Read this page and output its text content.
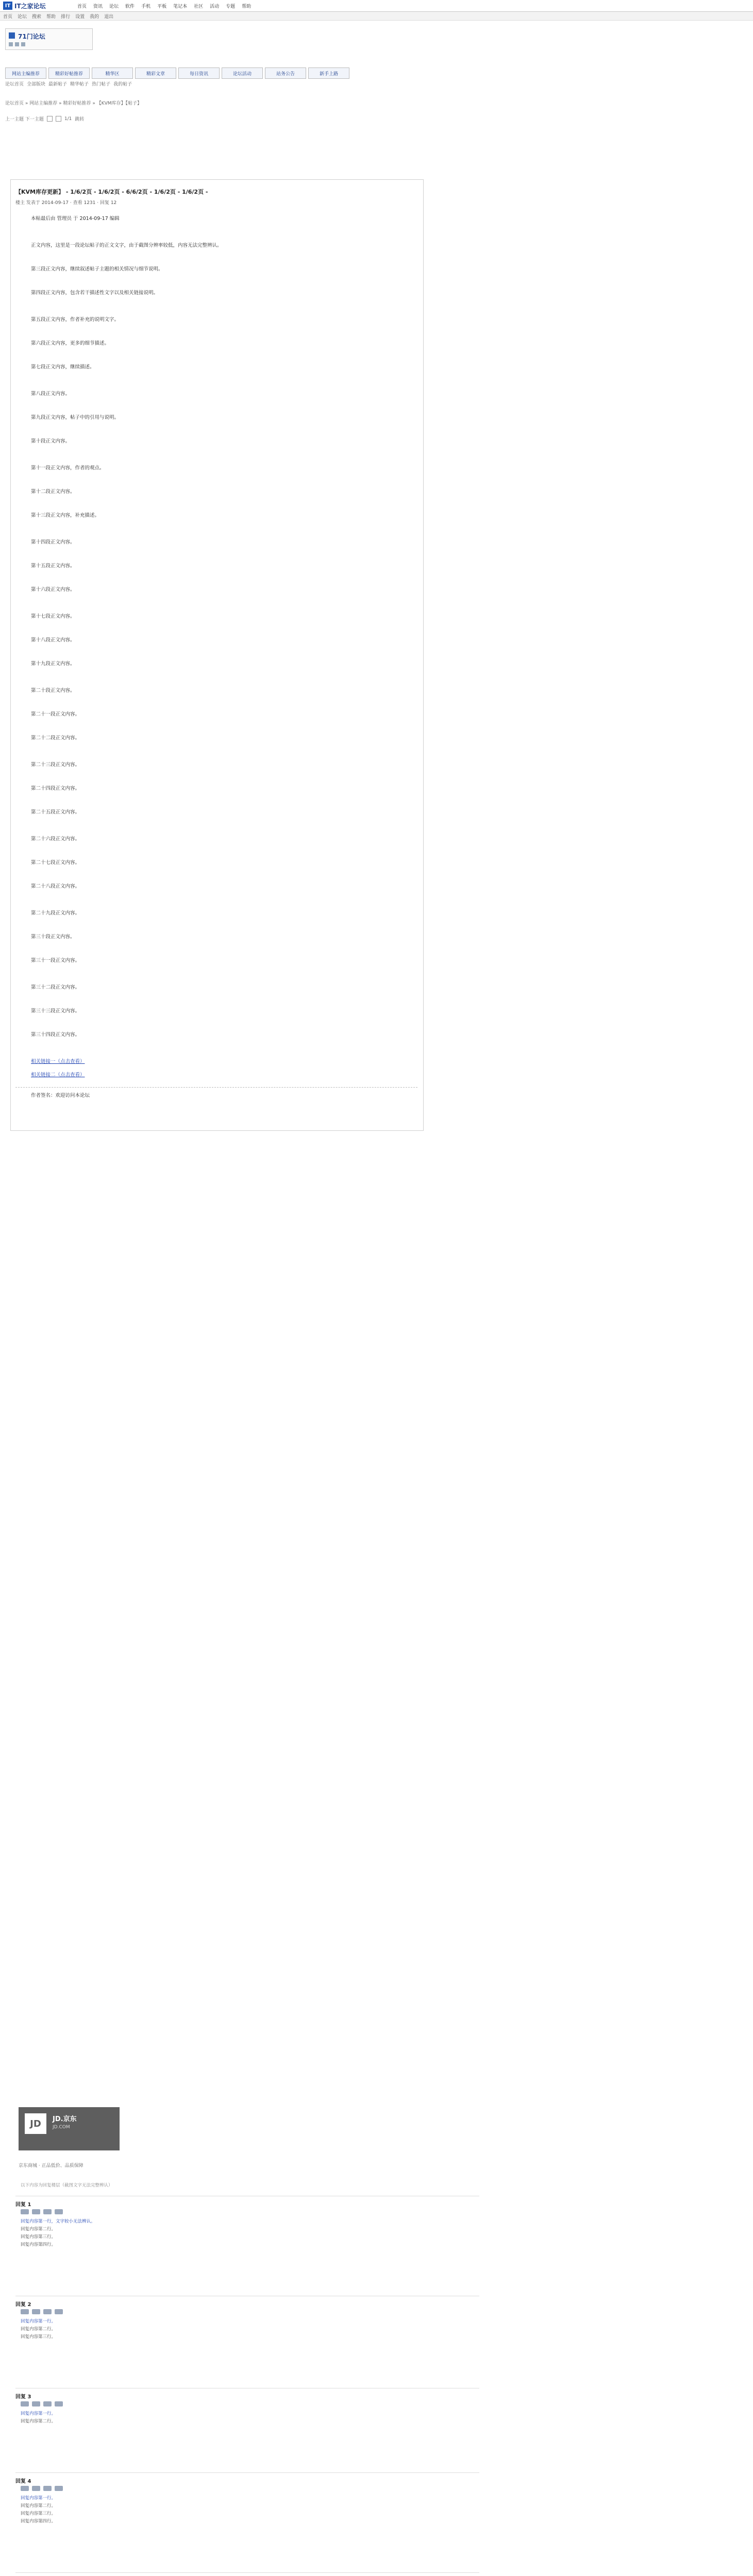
IT IT之家论坛	首页 资讯 论坛 软件 手机 平板 笔记本 社区 活动 专题 帮助
首页 论坛 搜索 帮助 排行 设置 我的 退出
71门论坛
网站主编推荐	精彩好帖推荐	精华区	精彩文章	每日资讯	论坛活动	站务公告	新手上路
论坛首页 全部版块 最新帖子 精华帖子 热门帖子 我的帖子
论坛首页 » 网站主编推荐 » 精彩好帖推荐 » 【KVM库存】【帖子】
上一主题 下一主题	1/1 跳转
【KVM库存更新】 - 1/6/2页 - 1/6/2页 - 6/6/2页 - 1/6/2页 - 1/6/2页 -
楼主 发表于 2014-09-17 · 查看 1231 · 回复 12
本帖最后由 管理员 于 2014-09-17 编辑
正文内容，这里是一段论坛帖子的正文文字，由于截图分辨率较低，内容无法完整辨认。
第三段正文内容，继续叙述帖子主题的相关情况与细节说明。
第四段正文内容，包含若干描述性文字以及相关链接说明。
第五段正文内容，作者补充的说明文字。
第六段正文内容，更多的细节描述。
第七段正文内容，继续描述。
第八段正文内容。
第九段正文内容，帖子中的引用与说明。
第十段正文内容。
第十一段正文内容，作者的观点。
第十二段正文内容。
第十三段正文内容，补充描述。
第十四段正文内容。
第十五段正文内容。
第十六段正文内容。
第十七段正文内容。
第十八段正文内容。
第十九段正文内容。
第二十段正文内容。
第二十一段正文内容。
第二十二段正文内容。
第二十三段正文内容。
第二十四段正文内容。
第二十五段正文内容。
第二十六段正文内容。
第二十七段正文内容。
第二十八段正文内容。
第二十九段正文内容。
第三十段正文内容。
第三十一段正文内容。
第三十二段正文内容。
第三十三段正文内容。
第三十四段正文内容。
相关链接一（点击查看）
相关链接二（点击查看）
作者签名：欢迎访问本论坛
JD	JD.京东
JD.COM
京东商城 · 正品低价、品质保障
以下内容为回复楼层（截图文字无法完整辨认）
回复 1
回复内容第一行，文字较小无法辨认。
回复内容第二行。
回复内容第三行。
回复内容第四行。
回复 2
回复内容第一行。
回复内容第二行。
回复内容第三行。
回复 3
回复内容第一行。
回复内容第二行。
回复 4
回复内容第一行。
回复内容第二行。
回复内容第三行。
回复内容第四行。
